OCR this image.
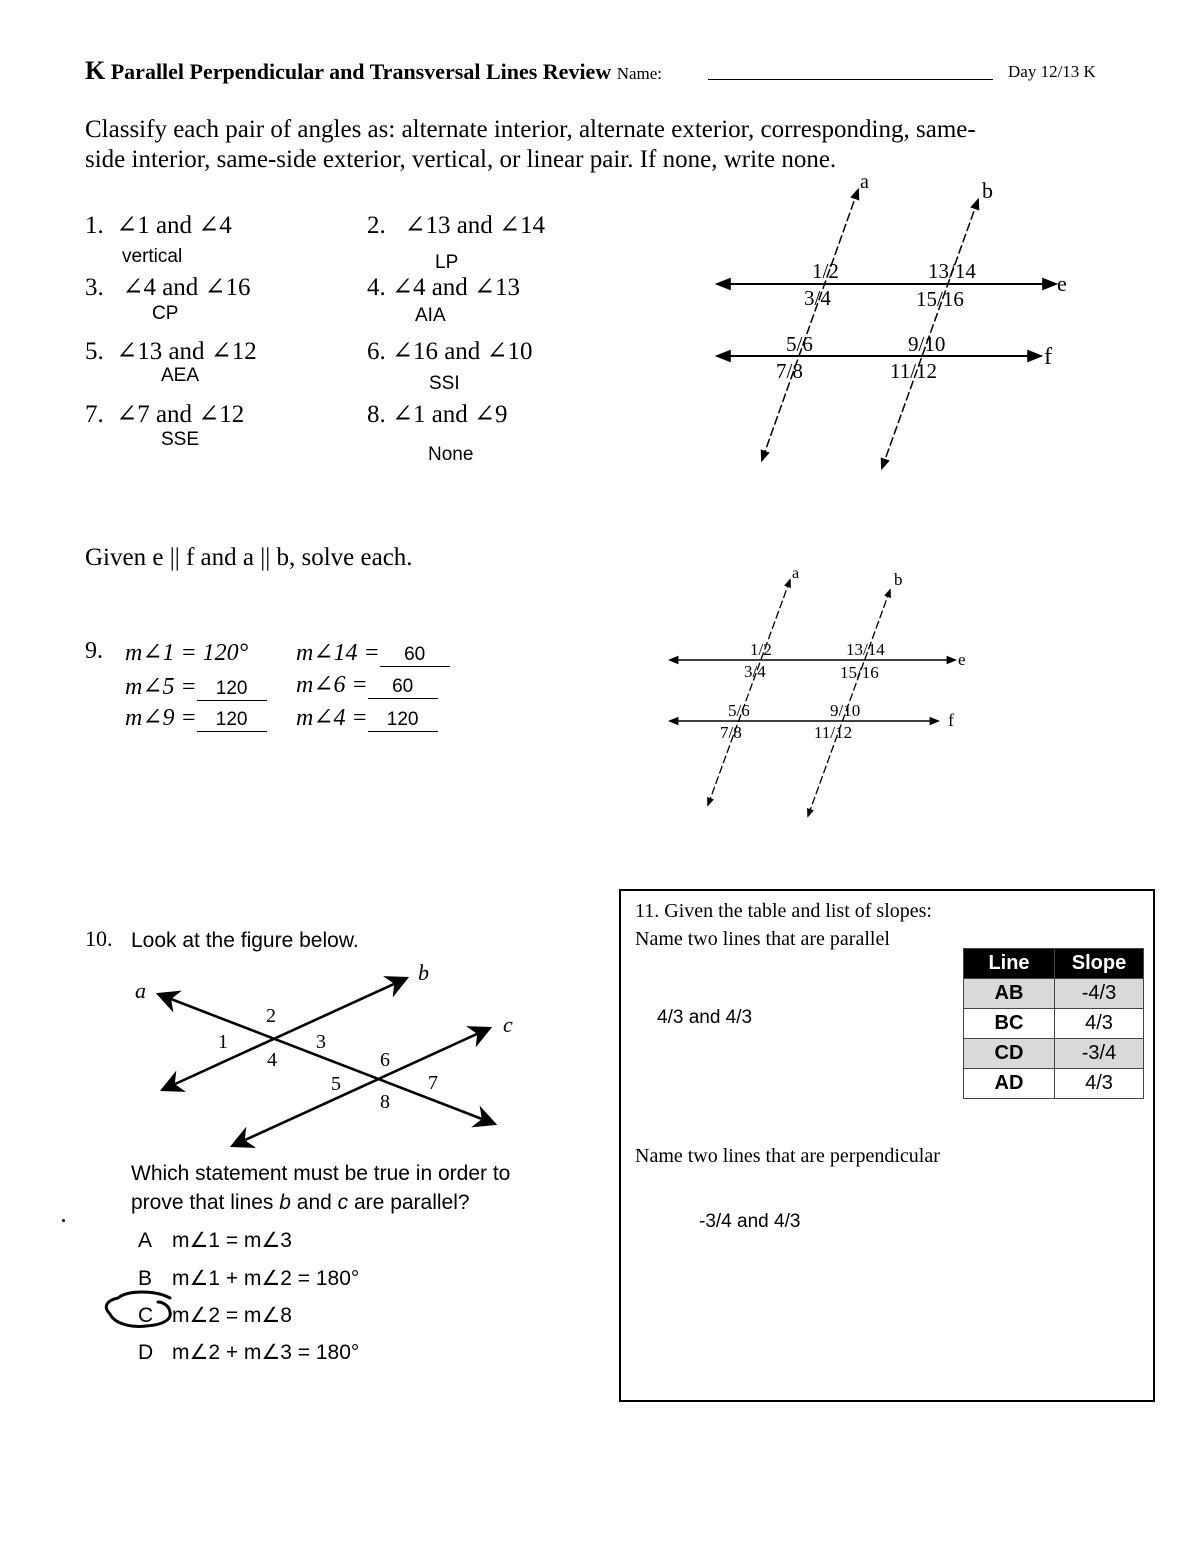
K Parallel Perpendicular and Transversal Lines Review Name:	Day 12/13 K
Classify each pair of angles as: alternate interior, alternate exterior, corresponding, same-
side interior, same-side exterior, vertical, or linear pair. If none, write none.
1. ∠1 and ∠4
vertical
2. ∠13 and ∠14
LP
3. ∠4 and ∠16
CP
4. ∠4 and ∠13
AIA
5. ∠13 and ∠12
AEA
6. ∠16 and ∠10
SSI
7. ∠7 and ∠12
SSE
8. ∠1 and ∠9
None
a	b
e
f
1/2
3/4
13/14
15/16
5/6
7/8
9/10
11/12
Given e || f and a || b, solve each.
9. m∠1 = 120° m∠14 = 60
m∠5 = 120	m∠6 = 60
m∠9 = 120	m∠4 = 120
a	b
e
f
1/2
3/4
13/14
15/16
5/6
7/8
9/10
11/12
10. Look at the figure below.
a
b
c
1
2
3
4
5
6
7
8
Which statement must be true in order to
prove that lines b and c are parallel?
A m∠1 = m∠3
B m∠1 + m∠2 = 180°
C m∠2 = m∠8
D m∠2 + m∠3 = 180°
11. Given the table and list of slopes:
Name two lines that are parallel
4/3 and 4/3
Line	Slope
AB	-4/3
BC	4/3
CD	-3/4
AD	4/3
Name two lines that are perpendicular
-3/4 and 4/3
